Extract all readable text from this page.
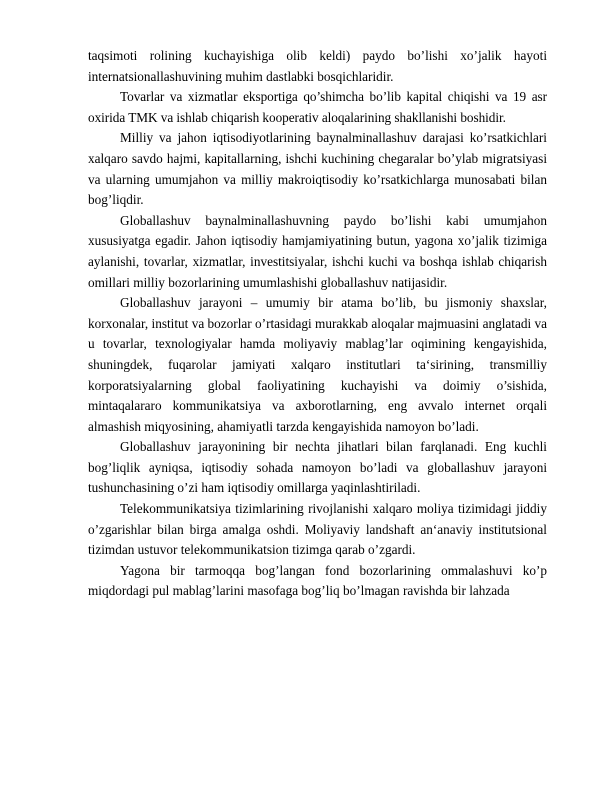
taqsimoti rolining kuchayishiga olib keldi) paydo bo’lishi xo’jalik hayoti internatsionallashuvining muhim dastlabki bosqichlaridir.

Tovarlar va xizmatlar eksportiga qo’shimcha bo’lib kapital chiqishi va 19 asr oxirida TMK va ishlab chiqarish kooperativ aloqalarining shakllanishi boshidir.

Milliy va jahon iqtisodiyotlarining baynalminallashuv darajasi ko’rsatkichlari xalqaro savdo hajmi, kapitallarning, ishchi kuchining chegaralar bo’ylab migratsiyasi va ularning umumjahon va milliy makroiqtisodiy ko’rsatkichlarga munosabati bilan bog’liqdir.

Globallashuv baynalminallashuvning paydo bo’lishi kabi umumjahon xususiyatga egadir. Jahon iqtisodiy hamjamiyatining butun, yagona xo’jalik tizimiga aylanishi, tovarlar, xizmatlar, investitsiyalar, ishchi kuchi va boshqa ishlab chiqarish omillari milliy bozorlarining umumlashishi globallashuv natijasidir.

Globallashuv jarayoni – umumiy bir atama bo’lib, bu jismoniy shaxslar, korxonalar, institut va bozorlar o’rtasidagi murakkab aloqalar majmuasini anglatadi va u tovarlar, texnologiyalar hamda moliyaviy mablag’lar oqimining kengayishida, shuningdek, fuqarolar jamiyati xalqaro institutlari ta‘sirining, transmilliy korporatsiyalarning global faoliyatining kuchayishi va doimiy o’sishida, mintaqalararo kommunikatsiya va axborotlarning, eng avvalo internet orqali almashish miqyosining, ahamiyatli tarzda kengayishida namoyon bo’ladi.

Globallashuv jarayonining bir nechta jihatlari bilan farqlanadi. Eng kuchli bog’liqlik ayniqsa, iqtisodiy sohada namoyon bo’ladi va globallashuv jarayoni tushunchasining o’zi ham iqtisodiy omillarga yaqinlashtiriladi.

Telekommunikatsiya tizimlarining rivojlanishi xalqaro moliya tizimidagi jiddiy o’zgarishlar bilan birga amalga oshdi. Moliyaviy landshaft an‘anaviy institutsional tizimdan ustuvor telekommunikatsion tizimga qarab o’zgardi.

Yagona bir tarmoqqa bog’langan fond bozorlarining ommalashuvi ko’p miqdordagi pul mablag’larini masofaga bog’liq bo’lmagan ravishda bir lahzada
